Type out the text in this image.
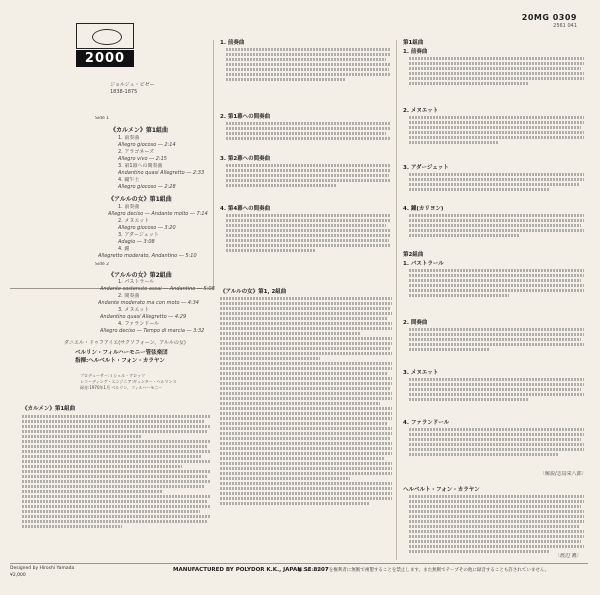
2000
20MG 0309
2561 041
ジョルジュ・ビゼー
1838-1875
Side 1
《カルメン》第1組曲
1. 前奏曲
Allegro giocoso ― 2:14
2. アラゴネーズ
Allegro vivo ― 2:15
3. 第1幕への間奏曲
Andantino quasi Allegretto ― 2:33
4. 闘牛士
Allegro giocoso ― 2:28
《アルルの女》第1組曲
1. 前奏曲
Allegro deciso ― Andante molto ― 7:14
2. メヌエット
Allegro giocoso ― 3:20
3. アダージェット
Adagio ― 3:08
4. 鐘
Allegretto moderato, Andantino ― 5:10
Side 2
《アルルの女》第2組曲
1. パストラール
Andante sostenuto assai ― Andantino ― 5:08
2. 間奏曲
Andante moderato ma con moto ― 4:34
3. メヌエット
Andantino quasi Allegretto ― 4:29
4. ファランドール
Allegro deciso ― Tempo di marcia ― 3:32
ダニエル・ドゥフアイエ(サクソフォーン、アルルの女)
ベルリン・フィルハーモニー管弦楽団
指揮:ヘルベルト・フォン・カラヤン
プロデューサー:ミシェル・グロッツ
レコーディング・エンジニア:ギュンター・ヘルマンス
録音:1970年1月 ベルリン、フィルハーモニー
《カルメン》第1組曲
1. 前奏曲
2. 第1幕への間奏曲
3. 第2幕への間奏曲
4. 第4幕への間奏曲
《アルルの女》第1, 2組曲
第1組曲
1. 前奏曲
2. メヌエット
3. アダージェット
4. 鐘(カリヨン)
第2組曲
1. パストラール
2. 間奏曲
3. メヌエット
4. ファランドール
〔解説/志鳥栄八郎〕
ヘルベルト・フォン・カラヤン
〔渡辺 護〕
Designed by Hiroshi Yamada
¥2,000
MANUFACTURED BY POLYDOR K.K., JAPAN SE 8207
●このレコードを権利者に無断で複製することを禁止します。また無断でテープその他に録音することも許されていません。
